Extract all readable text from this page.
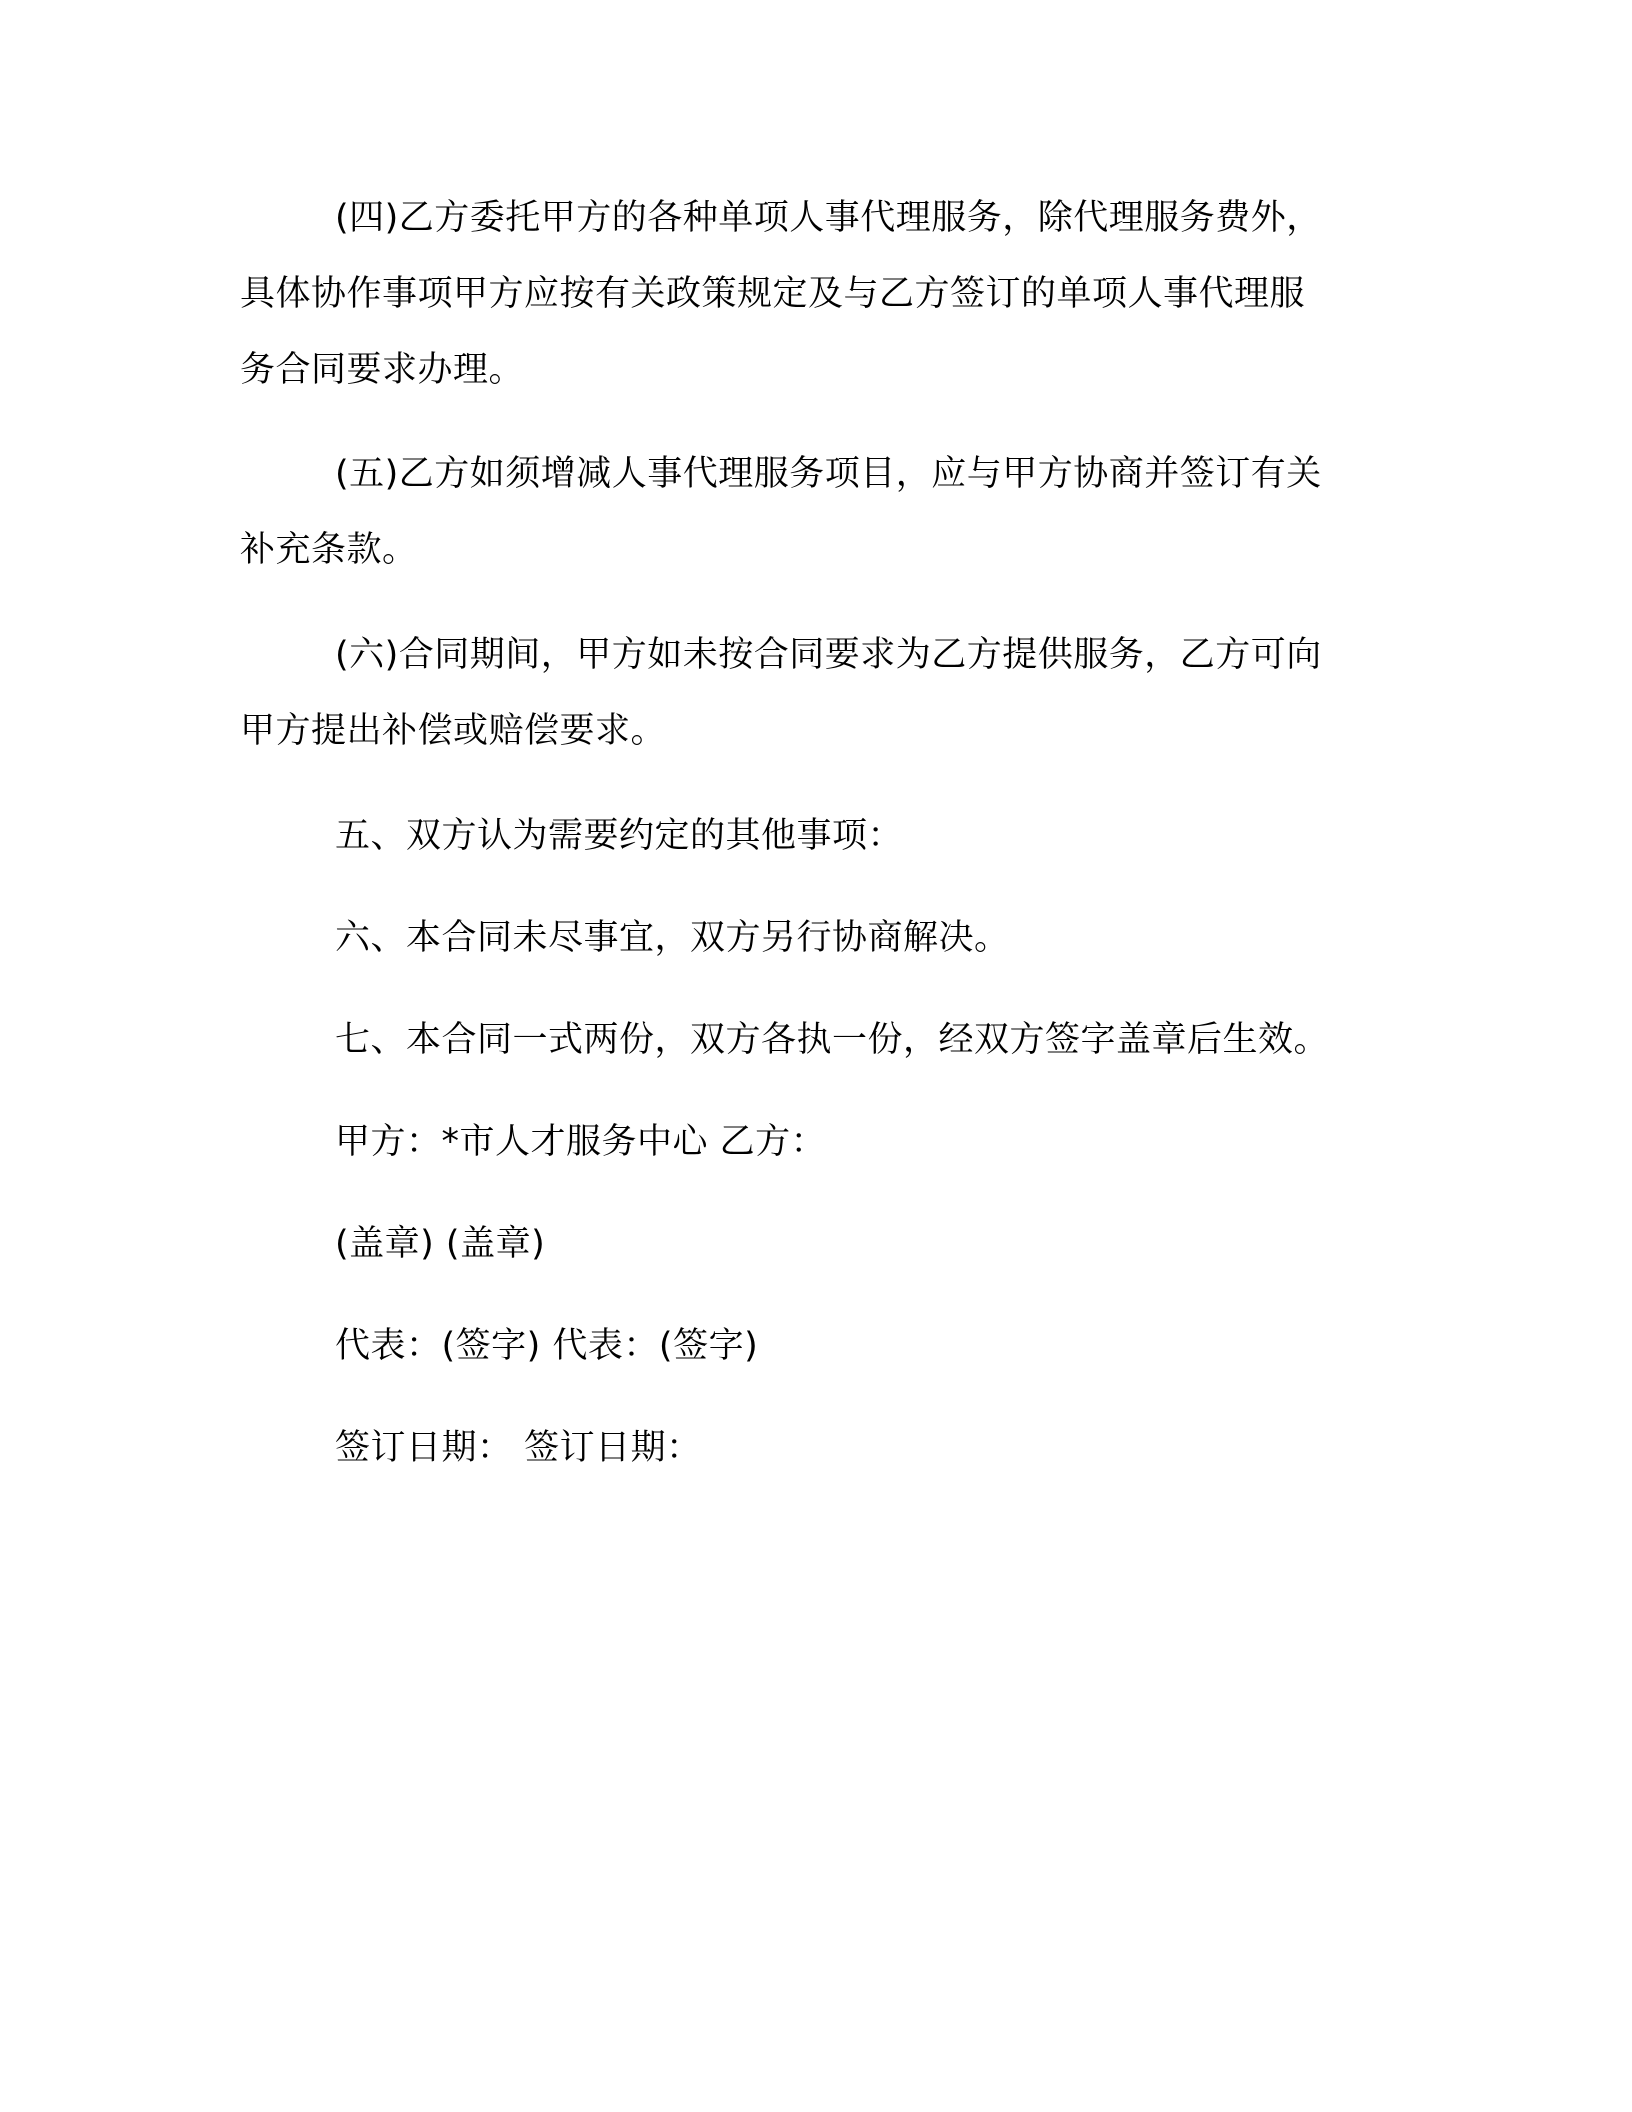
(四)乙方委托甲方的各种单项人事代理服务，除代理服务费外，
具体协作事项甲方应按有关政策规定及与乙方签订的单项人事代理服
务合同要求办理。
(五)乙方如须增减人事代理服务项目，应与甲方协商并签订有关
补充条款。
(六)合同期间，甲方如未按合同要求为乙方提供服务，乙方可向
甲方提出补偿或赔偿要求。
五、双方认为需要约定的其他事项：
六、本合同未尽事宜，双方另行协商解决。
七、本合同一式两份，双方各执一份，经双方签字盖章后生效。
甲方：*市人才服务中心 乙方：
(盖章) (盖章)
代表：(签字) 代表：(签字)
签订日期： 签订日期：
